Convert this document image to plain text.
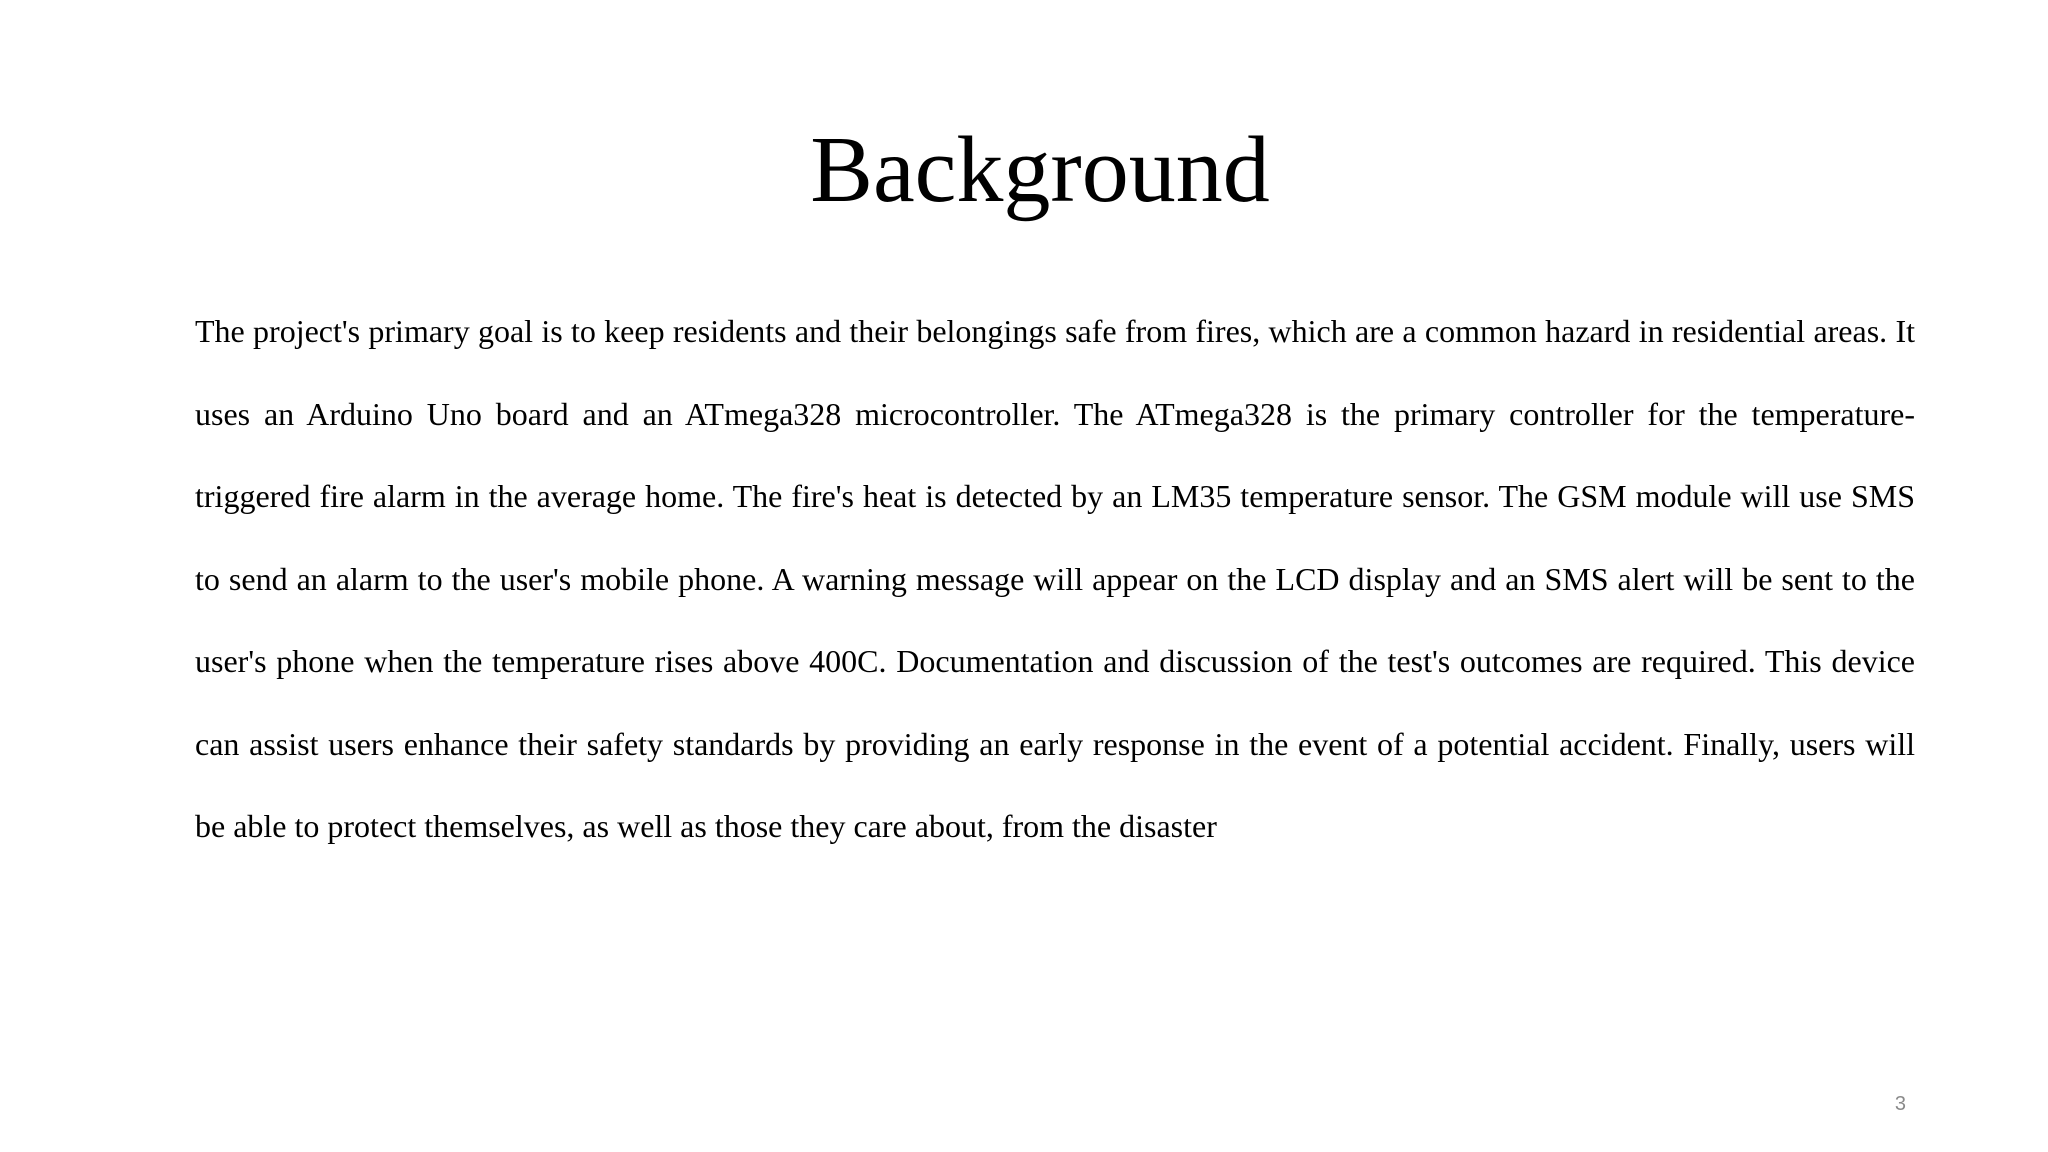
Background

The project's primary goal is to keep residents and their belongings safe from fires, which are a common hazard in residential areas. It uses an Arduino Uno board and an ATmega328 microcontroller. The ATmega328 is the primary controller for the temperature-triggered fire alarm in the average home. The fire's heat is detected by an LM35 temperature sensor. The GSM module will use SMS to send an alarm to the user's mobile phone. A warning message will appear on the LCD display and an SMS alert will be sent to the user's phone when the temperature rises above 400C. Documentation and discussion of the test's outcomes are required. This device can assist users enhance their safety standards by providing an early response in the event of a potential accident. Finally, users will be able to protect themselves, as well as those they care about, from the disaster

3
